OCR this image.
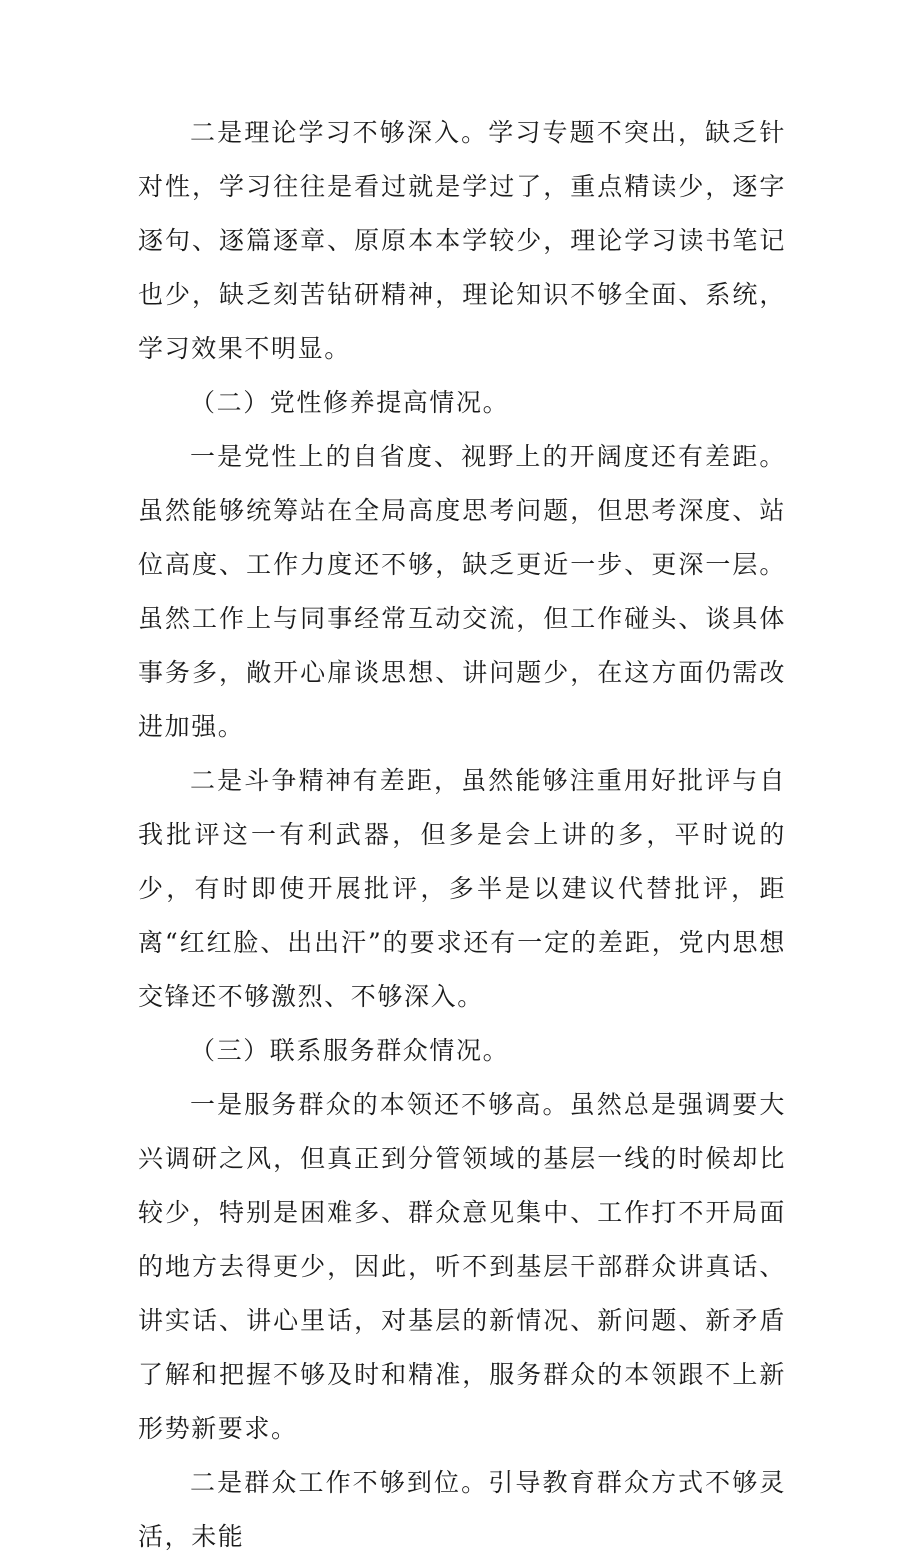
二是理论学习不够深入。学习专题不突出，缺乏针对性，学习往往是看过就是学过了，重点精读少，逐字逐句、逐篇逐章、原原本本学较少，理论学习读书笔记也少，缺乏刻苦钻研精神，理论知识不够全面、系统，学习效果不明显。

（二）党性修养提高情况。

一是党性上的自省度、视野上的开阔度还有差距。虽然能够统筹站在全局高度思考问题，但思考深度、站位高度、工作力度还不够，缺乏更近一步、更深一层。虽然工作上与同事经常互动交流，但工作碰头、谈具体事务多，敞开心扉谈思想、讲问题少，在这方面仍需改进加强。

二是斗争精神有差距，虽然能够注重用好批评与自我批评这一有利武器，但多是会上讲的多，平时说的少，有时即使开展批评，多半是以建议代替批评，距离“红红脸、出出汗”的要求还有一定的差距，党内思想交锋还不够激烈、不够深入。

（三）联系服务群众情况。

一是服务群众的本领还不够高。虽然总是强调要大兴调研之风，但真正到分管领域的基层一线的时候却比较少，特别是困难多、群众意见集中、工作打不开局面的地方去得更少，因此，听不到基层干部群众讲真话、讲实话、讲心里话，对基层的新情况、新问题、新矛盾了解和把握不够及时和精准，服务群众的本领跟不上新形势新要求。

二是群众工作不够到位。引导教育群众方式不够灵活，未能
